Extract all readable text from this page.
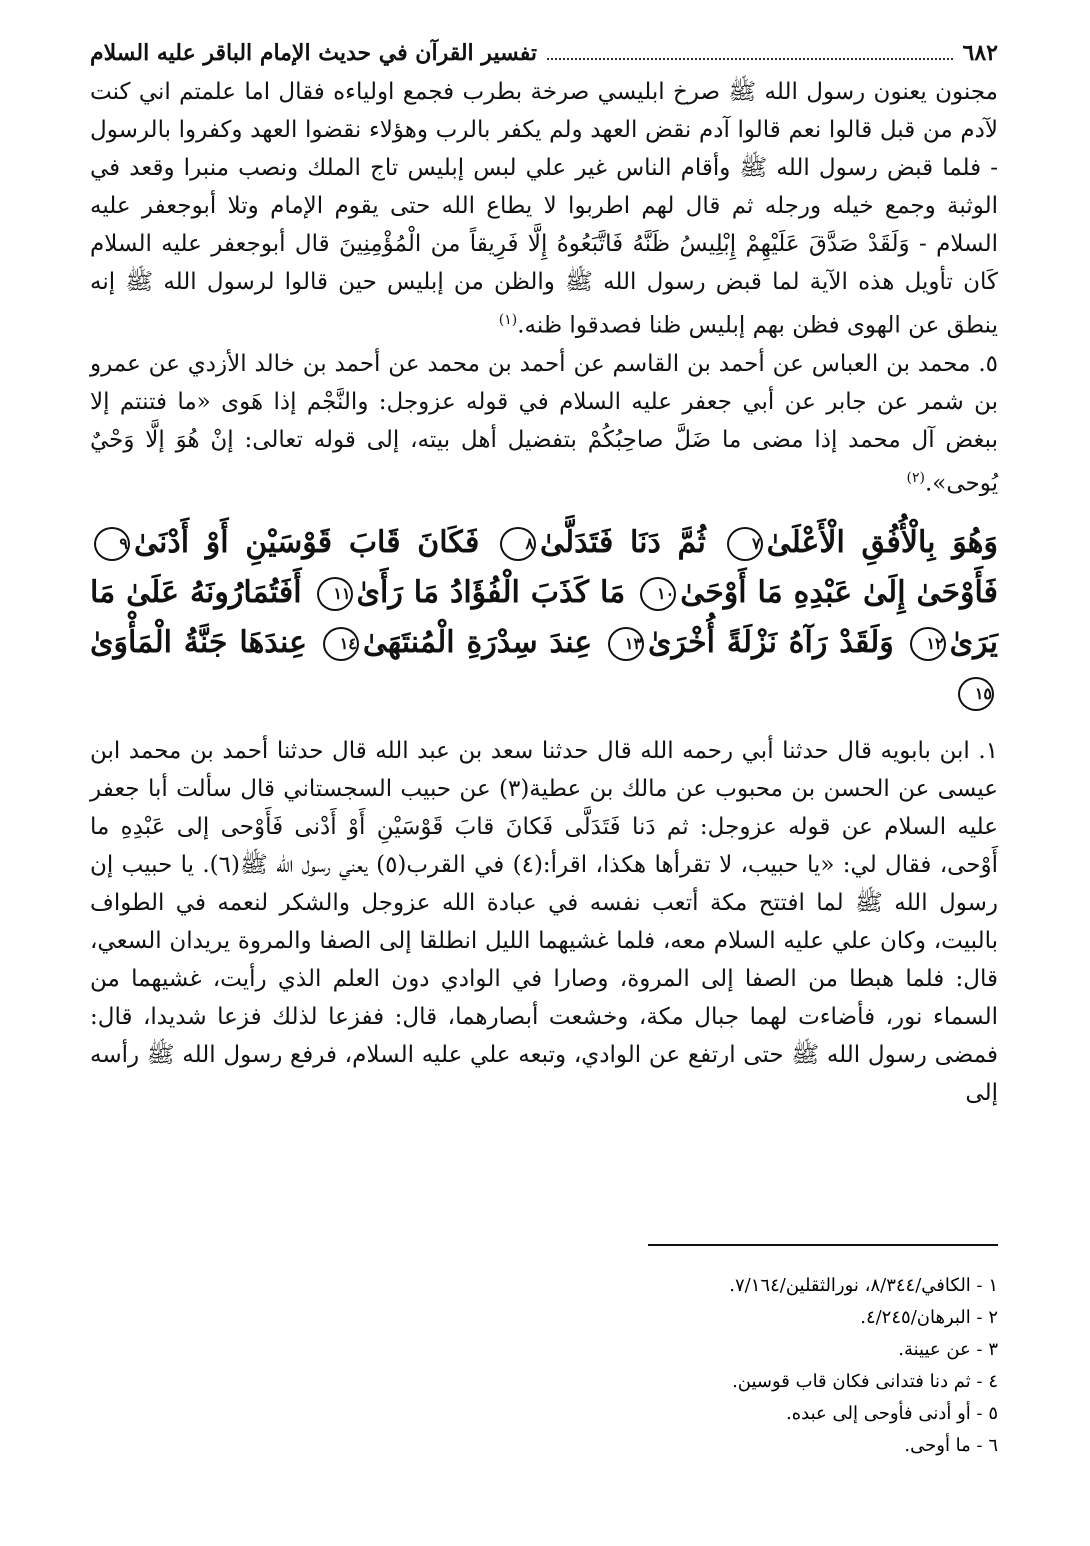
٦٨٢
تفسير القرآن في حديث الإمام الباقر عليه السلام

مجنون يعنون رسول الله ﷺ صرخ ابليسي صرخة بطرب فجمع اولياءه فقال اما علمتم اني كنت لآدم من قبل قالوا نعم قالوا آدم نقض العهد ولم يكفر بالرب وهؤلاء نقضوا العهد وكفروا بالرسول - فلما قبض رسول الله ﷺ وأقام الناس غير علي لبس إبليس تاج الملك ونصب منبرا وقعد في الوثبة وجمع خيله ورجله ثم قال لهم اطربوا لا يطاع الله حتى يقوم الإمام وتلا أبوجعفر عليه السلام - وَلَقَدْ صَدَّقَ عَلَيْهِمْ إِبْلِيسُ ظَنَّهُ فَاتَّبَعُوهُ إِلَّا فَرِيقاً من الْمُؤْمِنِينَ قال أبوجعفر عليه السلام كَان تأويل هذه الآية لما قبض رسول الله ﷺ والظن من إبليس حين قالوا لرسول الله ﷺ إنه ينطق عن الهوى فظن بهم إبليس ظنا فصدقوا ظنه.$^{(١)}$

٥. محمد بن العباس عن أحمد بن القاسم عن أحمد بن محمد عن أحمد بن خالد الأزدي عن عمرو بن شمر عن جابر عن أبي جعفر عليه السلام في قوله عزوجل: والنَّجْم إذا هَوى «ما فتنتم إلا ببغض آل محمد إذا مضى ما ضَلَّ صاحِبُكُمْ بتفضيل أهل بيته، إلى قوله تعالى: إنْ هُوَ إلَّا وَحْيٌ يُوحى».$^{(٢)}$

وَهُوَ بِالْأُفُقِ الْأَعْلَىٰ٧ ثُمَّ دَنَا فَتَدَلَّىٰ٨ فَكَانَ قَابَ قَوْسَيْنِ أَوْ أَدْنَىٰ٩ فَأَوْحَىٰ إِلَىٰ عَبْدِهِ مَا أَوْحَىٰ١٠ مَا كَذَبَ الْفُؤَادُ مَا رَأَىٰ١١ أَفَتُمَارُونَهُ عَلَىٰ مَا يَرَىٰ١٢ وَلَقَدْ رَآهُ نَزْلَةً أُخْرَىٰ١٣ عِندَ سِدْرَةِ الْمُنتَهَىٰ١٤ عِندَهَا جَنَّةُ الْمَأْوَىٰ١٥

١. ابن بابويه قال حدثنا أبي رحمه الله قال حدثنا سعد بن عبد الله قال حدثنا أحمد بن محمد ابن عيسى عن الحسن بن محبوب عن مالك بن عطية(٣) عن حبيب السجستاني قال سألت أبا جعفر عليه السلام عن قوله عزوجل: ثم دَنا فَتَدَلَّى فَكانَ قابَ قَوْسَيْنِ أَوْ أَدْنى فَأَوْحى إلى عَبْدِهِ ما أَوْحى، فقال لي: «يا حبيب، لا تقرأها هكذا، اقرأ:(٤) في القرب(٥) يعني رسول الله ﷺ(٦). يا حبيب إن رسول الله ﷺ لما افتتح مكة أتعب نفسه في عبادة الله عزوجل والشكر لنعمه في الطواف بالبيت، وكان علي عليه السلام معه، فلما غشيهما الليل انطلقا إلى الصفا والمروة يريدان السعي، قال: فلما هبطا من الصفا إلى المروة، وصارا في الوادي دون العلم الذي رأيت، غشيهما من السماء نور، فأضاءت لهما جبال مكة، وخشعت أبصارهما، قال: ففزعا لذلك فزعا شديدا، قال: فمضى رسول الله ﷺ حتى ارتفع عن الوادي، وتبعه علي عليه السلام، فرفع رسول الله ﷺ رأسه إلى

١ - الكافي/٨/٣٤٤، نورالثقلين/٧/١٦٤.
٢ - البرهان/٤/٢٤٥.
٣ - عن عيينة.
٤ - ثم دنا فتدانى فكان قاب قوسين.
٥ - أو أدنى فأوحى إلى عبده.
٦ - ما أوحى.
